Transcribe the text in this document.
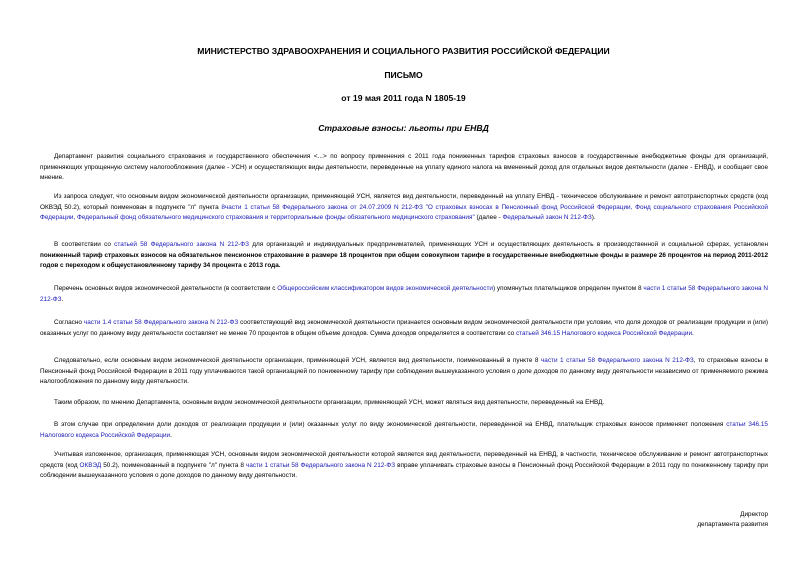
МИНИСТЕРСТВО ЗДРАВООХРАНЕНИЯ И СОЦИАЛЬНОГО РАЗВИТИЯ РОССИЙСКОЙ ФЕДЕРАЦИИ
ПИСЬМО
от 19 мая 2011 года N 1805-19
Страховые взносы: льготы при ЕНВД
Департамент развития социального страхования и государственного обеспечения <...> по вопросу применения с 2011 года пониженных тарифов страховых взносов в государственные внебюджетные фонды для организаций, применяющих упрощенную систему налогообложения (далее - УСН) и осуществляющих виды деятельности, переведенные на уплату единого налога на вмененный доход для отдельных видов деятельности (далее - ЕНВД), и сообщает свое мнение.
Из запроса следует, что основным видом экономической деятельности организации, применяющей УСН, является вид деятельности, переведенный на уплату ЕНВД - техническое обслуживание и ремонт автотранспортных средств (код ОКВЭД 50.2), который поименован в подпункте "л" пункта 8части 1 статьи 58 Федерального закона от 24.07.2009 N 212-ФЗ "О страховых взносах в Пенсионный фонд Российской Федерации, Фонд социального страхования Российской Федерации, Федеральный фонд обязательного медицинского страхования и территориальные фонды обязательного медицинского страхования" (далее - Федеральный закон N 212-ФЗ).
В соответствии со статьей 58 Федерального закона N 212-ФЗ для организаций и индивидуальных предпринимателей, применяющих УСН и осуществляющих деятельность в производственной и социальной сферах, установлен пониженный тариф страховых взносов на обязательное пенсионное страхование в размере 18 процентов при общем совокупном тарифе в государственные внебюджетные фонды в размере 26 процентов на период 2011-2012 годов с переходом к общеустановленному тарифу 34 процента с 2013 года.
Перечень основных видов экономической деятельности (в соответствии с Общероссийским классификатором видов экономической деятельности) упомянутых плательщиков определен пунктом 8 части 1 статьи 58 Федерального закона N 212-ФЗ.
Согласно части 1.4 статьи 58 Федерального закона N 212-ФЗ соответствующий вид экономической деятельности признается основным видом экономической деятельности при условии, что доля доходов от реализации продукции и (или) оказанных услуг по данному виду деятельности составляет не менее 70 процентов в общем объеме доходов. Сумма доходов определяется в соответствии со статьей 346.15 Налогового кодекса Российской Федерации.
Следовательно, если основным видом экономической деятельности организации, применяющей УСН, является вид деятельности, поименованный в пункте 8 части 1 статьи 58 Федерального закона N 212-ФЗ, то страховые взносы в Пенсионный фонд Российской Федерации в 2011 году уплачиваются такой организацией по пониженному тарифу при соблюдении вышеуказанного условия о доле доходов по данному виду деятельности независимо от применяемого режима налогообложения по данному виду деятельности.
Таким образом, по мнению Департамента, основным видом экономической деятельности организации, применяющей УСН, может являться вид деятельности, переведенный на ЕНВД.
В этом случае при определении доли доходов от реализации продукции и (или) оказанных услуг по виду экономической деятельности, переведенной на ЕНВД, плательщик страховых взносов применяет положения статьи 346.15 Налогового кодекса Российской Федерации.
Учитывая изложенное, организация, применяющая УСН, основным видом экономической деятельности которой является вид деятельности, переведенный на ЕНВД, в частности, техническое обслуживание и ремонт автотранспортных средств (код ОКВЭД 50.2), поименованный в подпункте "л" пункта 8 части 1 статьи 58 Федерального закона N 212-ФЗ вправе уплачивать страховые взносы в Пенсионный фонд Российской Федерации в 2011 году по пониженному тарифу при соблюдении вышеуказанного условия о доле доходов по данному виду деятельности.
Директор
департамента развития
